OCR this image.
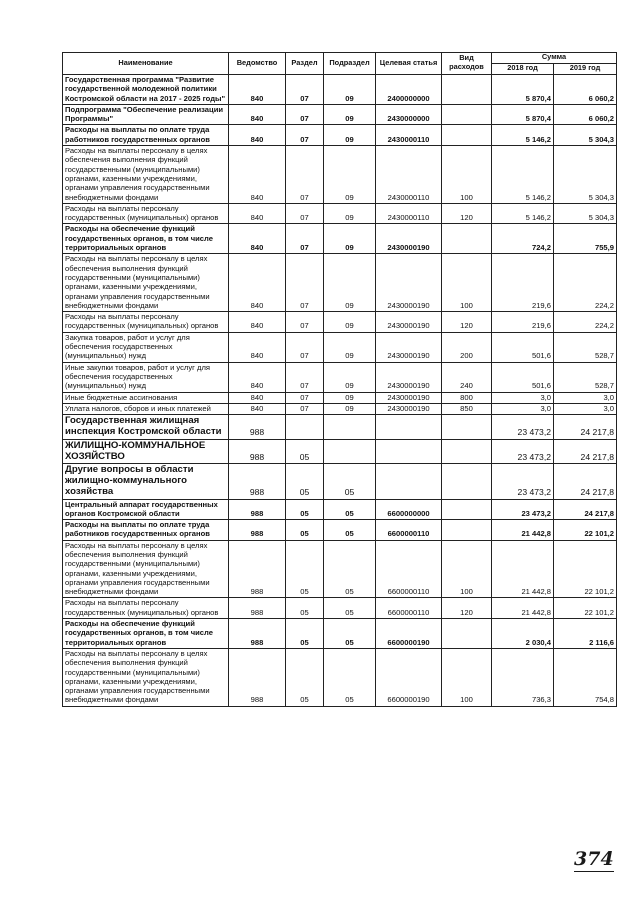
Наименование	Ведомство	Раздел	Подраздел	Целевая статья	Вид расходов	Сумма	
						2018 год	2019 год
Государственная программа "Развитие государственной молодежной политики Костромской области на 2017 - 2025 годы"	840	07	09	2400000000		5 870,4	6 060,2
Подпрограмма "Обеспечение реализации Программы"	840	07	09	2430000000		5 870,4	6 060,2
Расходы на выплаты по оплате труда работников государственных органов	840	07	09	2430000110		5 146,2	5 304,3
Расходы на выплаты персоналу в целях обеспечения выполнения функций государственными (муниципальными) органами, казенными учреждениями, органами управления государственными внебюджетными фондами	840	07	09	2430000110	100	5 146,2	5 304,3
Расходы на выплаты персоналу государственных (муниципальных) органов	840	07	09	2430000110	120	5 146,2	5 304,3
Расходы на обеспечение функций государственных органов, в том числе территориальных органов	840	07	09	2430000190		724,2	755,9
Расходы на выплаты персоналу в целях обеспечения выполнения функций государственными (муниципальными) органами, казенными учреждениями, органами управления государственными внебюджетными фондами	840	07	09	2430000190	100	219,6	224,2
Расходы на выплаты персоналу государственных (муниципальных) органов	840	07	09	2430000190	120	219,6	224,2
Закупка товаров, работ и услуг для обеспечения государственных (муниципальных) нужд	840	07	09	2430000190	200	501,6	528,7
Иные закупки товаров, работ и услуг для обеспечения государственных (муниципальных) нужд	840	07	09	2430000190	240	501,6	528,7
Иные бюджетные ассигнования	840	07	09	2430000190	800	3,0	3,0
Уплата налогов, сборов и иных платежей	840	07	09	2430000190	850	3,0	3,0
Государственная жилищная инспекция Костромской области	988					23 473,2	24 217,8
ЖИЛИЩНО-КОММУНАЛЬНОЕ ХОЗЯЙСТВО	988	05				23 473,2	24 217,8
Другие вопросы в области жилищно-коммунального хозяйства	988	05	05			23 473,2	24 217,8
Центральный аппарат государственных органов Костромской области	988	05	05	6600000000		23 473,2	24 217,8
Расходы на выплаты по оплате труда работников государственных органов	988	05	05	6600000110		21 442,8	22 101,2
Расходы на выплаты персоналу в целях обеспечения выполнения функций государственными (муниципальными) органами, казенными учреждениями, органами управления государственными внебюджетными фондами	988	05	05	6600000110	100	21 442,8	22 101,2
Расходы на выплаты персоналу государственных (муниципальных) органов	988	05	05	6600000110	120	21 442,8	22 101,2
Расходы на обеспечение функций государственных органов, в том числе территориальных органов	988	05	05	6600000190		2 030,4	2 116,6
Расходы на выплаты персоналу в целях обеспечения выполнения функций государственными (муниципальными) органами, казенными учреждениями, органами управления государственными внебюджетными фондами	988	05	05	6600000190	100	736,3	754,8
374
